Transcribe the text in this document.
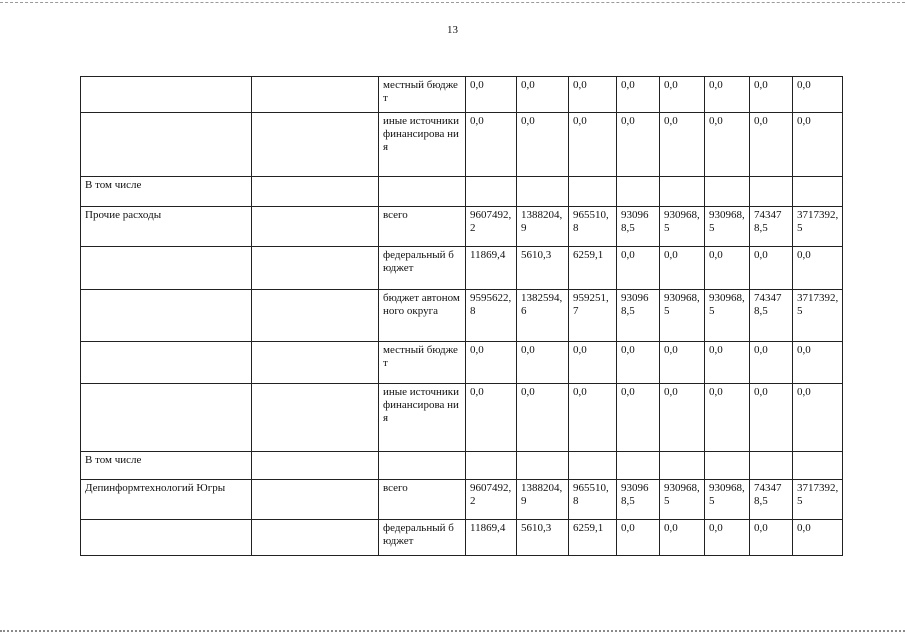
13
		местный бюджет	0,0	0,0	0,0	0,0	0,0	0,0	0,0	0,0
		иные источники финансирова ния	0,0	0,0	0,0	0,0	0,0	0,0	0,0	0,0
В том числе										
Прочие расходы		всего	9607492,2	1388204,9	965510,8	930968,5	930968,5	930968,5	743478,5	3717392,5
		федеральный бюджет	11869,4	5610,3	6259,1	0,0	0,0	0,0	0,0	0,0
		бюджет автономного округа	9595622,8	1382594,6	959251,7	930968,5	930968,5	930968,5	743478,5	3717392,5
		местный бюджет	0,0	0,0	0,0	0,0	0,0	0,0	0,0	0,0
		иные источники финансирова ния	0,0	0,0	0,0	0,0	0,0	0,0	0,0	0,0
В том числе										
Депинформтехнологий Югры		всего	9607492,2	1388204,9	965510,8	930968,5	930968,5	930968,5	743478,5	3717392,5
		федеральный бюджет	11869,4	5610,3	6259,1	0,0	0,0	0,0	0,0	0,0
